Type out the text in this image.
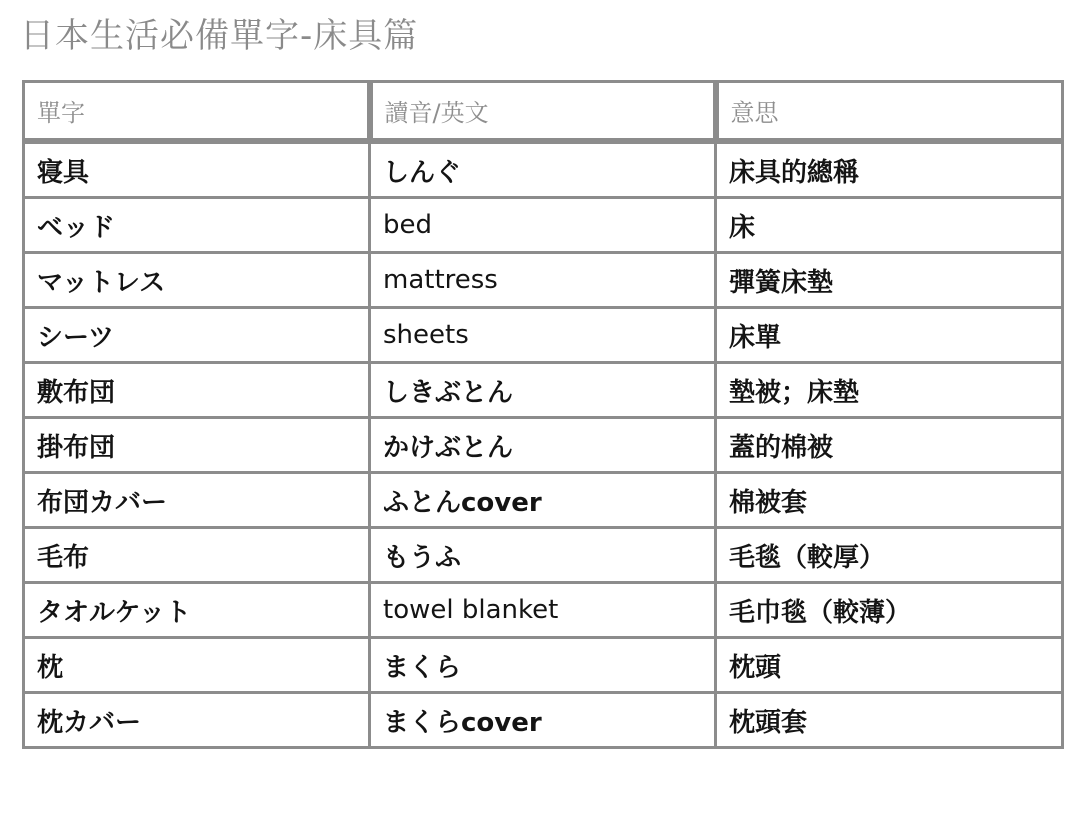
日本生活必備單字-床具篇
單字	讀音/英文	意思
寝具	しんぐ	床具的總稱
ベッド	bed	床
マットレス	mattress	彈簧床墊
シーツ	sheets	床單
敷布団	しきぶとん	墊被；床墊
掛布団	かけぶとん	蓋的棉被
布団カバー	ふとんcover	棉被套
毛布	もうふ	毛毯（較厚）
タオルケット	towel blanket	毛巾毯（較薄）
枕	まくら	枕頭
枕カバー	まくらcover	枕頭套
